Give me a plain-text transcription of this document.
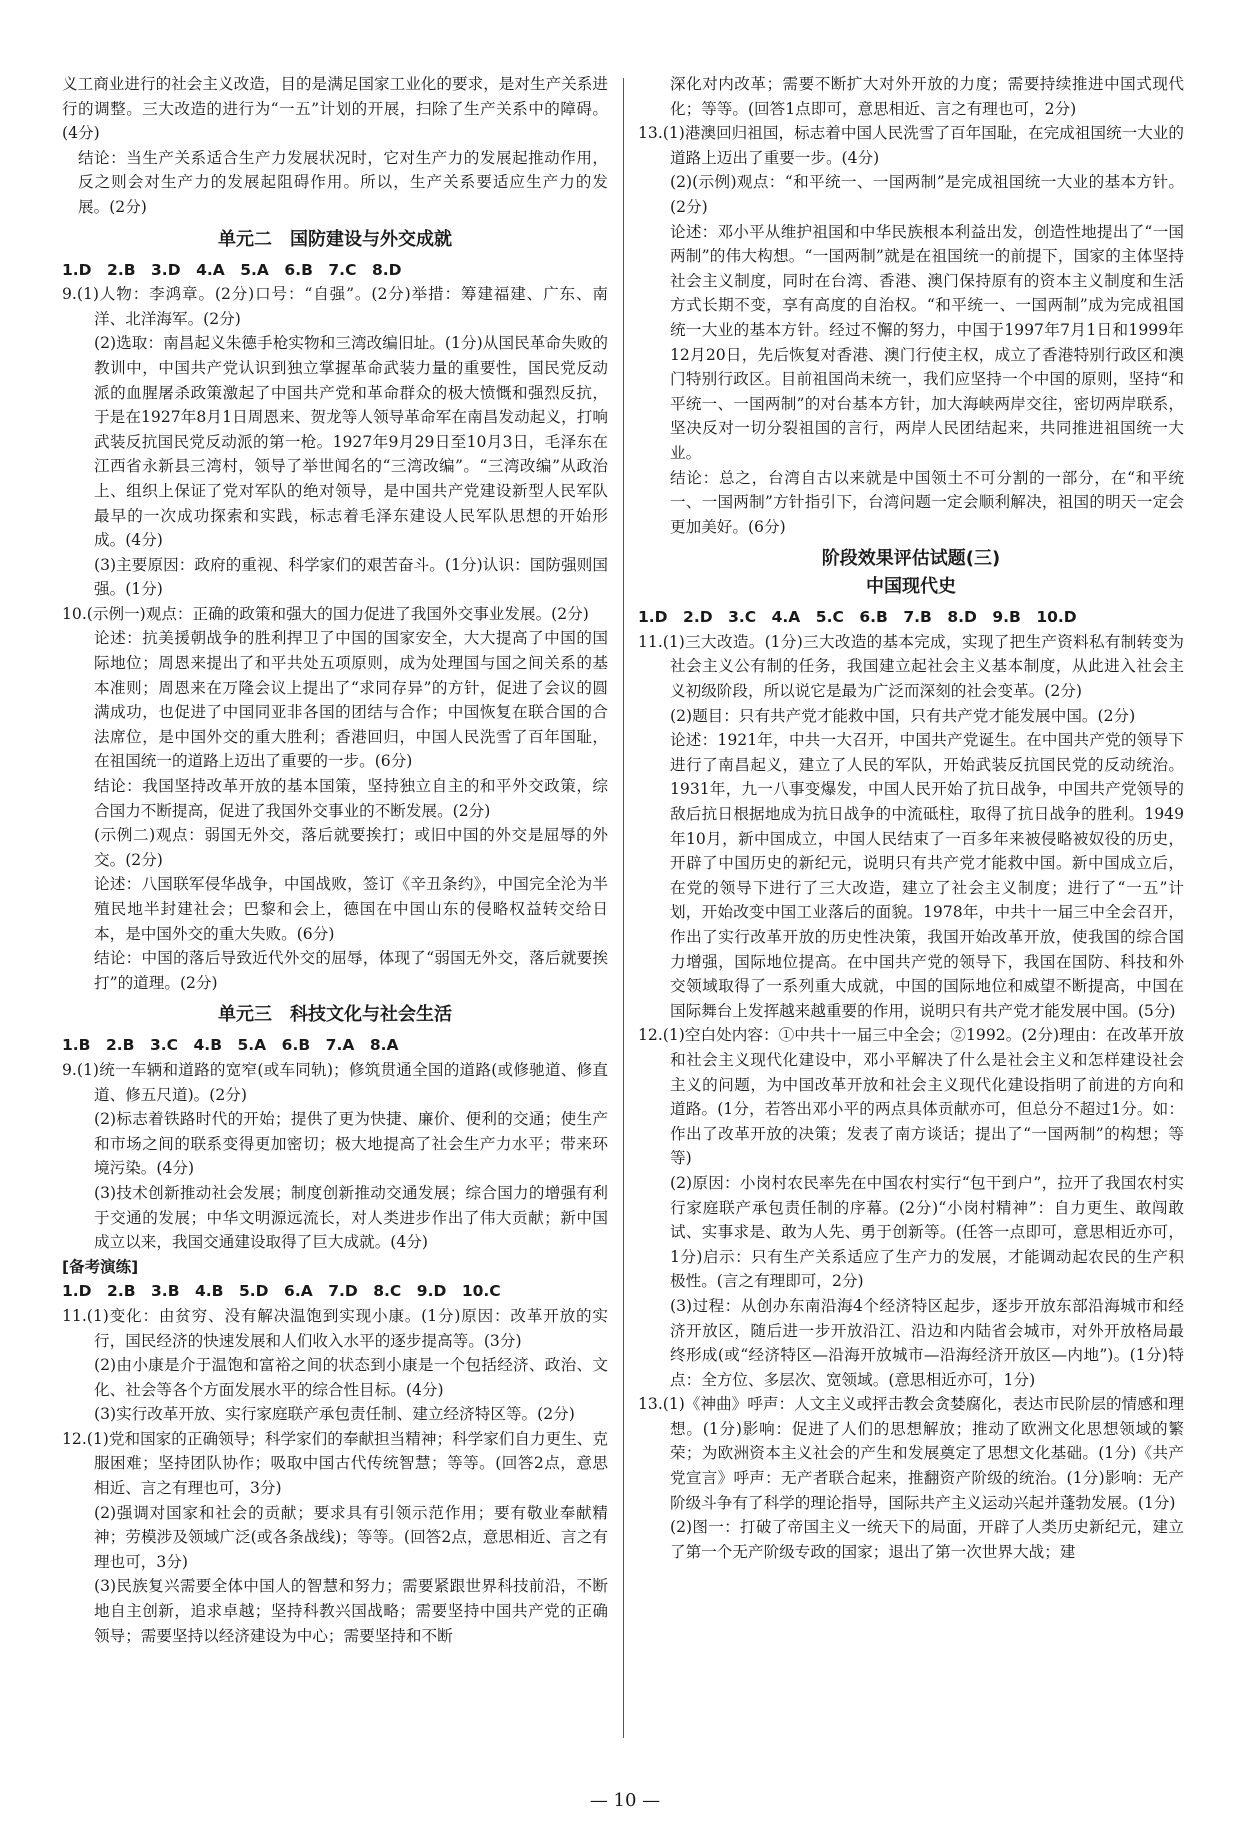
义工商业进行的社会主义改造，目的是满足国家工业化的要求，是对生产关系进行的调整。三大改造的进行为“一五”计划的开展，扫除了生产关系中的障碍。(4分)

结论：当生产关系适合生产力发展状况时，它对生产力的发展起推动作用，反之则会对生产力的发展起阻碍作用。所以，生产关系要适应生产力的发展。(2分)

单元二　国防建设与外交成就

1.D　2.B　3.D　4.A　5.A　6.B　7.C　8.D

9.(1)人物：李鸿章。(2分)口号：“自强”。(2分)举措：筹建福建、广东、南洋、北洋海军。(2分)

(2)选取：南昌起义朱德手枪实物和三湾改编旧址。(1分)从国民革命失败的教训中，中国共产党认识到独立掌握革命武装力量的重要性，国民党反动派的血腥屠杀政策激起了中国共产党和革命群众的极大愤慨和强烈反抗，于是在1927年8月1日周恩来、贺龙等人领导革命军在南昌发动起义，打响武装反抗国民党反动派的第一枪。1927年9月29日至10月3日，毛泽东在江西省永新县三湾村，领导了举世闻名的“三湾改编”。“三湾改编”从政治上、组织上保证了党对军队的绝对领导，是中国共产党建设新型人民军队最早的一次成功探索和实践，标志着毛泽东建设人民军队思想的开始形成。(4分)

(3)主要原因：政府的重视、科学家们的艰苦奋斗。(1分)认识：国防强则国强。(1分)

10.(示例一)观点：正确的政策和强大的国力促进了我国外交事业发展。(2分)

论述：抗美援朝战争的胜利捍卫了中国的国家安全，大大提高了中国的国际地位；周恩来提出了和平共处五项原则，成为处理国与国之间关系的基本准则；周恩来在万隆会议上提出了“求同存异”的方针，促进了会议的圆满成功，也促进了中国同亚非各国的团结与合作；中国恢复在联合国的合法席位，是中国外交的重大胜利；香港回归，中国人民洗雪了百年国耻，在祖国统一的道路上迈出了重要的一步。(6分)

结论：我国坚持改革开放的基本国策，坚持独立自主的和平外交政策，综合国力不断提高，促进了我国外交事业的不断发展。(2分)

(示例二)观点：弱国无外交，落后就要挨打；或旧中国的外交是屈辱的外交。(2分)

论述：八国联军侵华战争，中国战败，签订《辛丑条约》，中国完全沦为半殖民地半封建社会；巴黎和会上，德国在中国山东的侵略权益转交给日本，是中国外交的重大失败。(6分)

结论：中国的落后导致近代外交的屈辱，体现了“弱国无外交，落后就要挨打”的道理。(2分)

单元三　科技文化与社会生活

1.B　2.B　3.C　4.B　5.A　6.B　7.A　8.A

9.(1)统一车辆和道路的宽窄(或车同轨)；修筑贯通全国的道路(或修驰道、修直道、修五尺道)。(2分)

(2)标志着铁路时代的开始；提供了更为快捷、廉价、便利的交通；使生产和市场之间的联系变得更加密切；极大地提高了社会生产力水平；带来环境污染。(4分)

(3)技术创新推动社会发展；制度创新推动交通发展；综合国力的增强有利于交通的发展；中华文明源远流长，对人类进步作出了伟大贡献；新中国成立以来，我国交通建设取得了巨大成就。(4分)

[备考演练]

1.D　2.B　3.B　4.B　5.D　6.A　7.D　8.C　9.D　10.C

11.(1)变化：由贫穷、没有解决温饱到实现小康。(1分)原因：改革开放的实行，国民经济的快速发展和人们收入水平的逐步提高等。(3分)

(2)由小康是介于温饱和富裕之间的状态到小康是一个包括经济、政治、文化、社会等各个方面发展水平的综合性目标。(4分)

(3)实行改革开放、实行家庭联产承包责任制、建立经济特区等。(2分)

12.(1)党和国家的正确领导；科学家们的奉献担当精神；科学家们自力更生、克服困难；坚持团队协作；吸取中国古代传统智慧；等等。(回答2点，意思相近、言之有理也可，3分)

(2)强调对国家和社会的贡献；要求具有引领示范作用；要有敬业奉献精神；劳模涉及领域广泛(或各条战线)；等等。(回答2点，意思相近、言之有理也可，3分)

(3)民族复兴需要全体中国人的智慧和努力；需要紧跟世界科技前沿，不断地自主创新，追求卓越；坚持科教兴国战略；需要坚持中国共产党的正确领导；需要坚持以经济建设为中心；需要坚持和不断

深化对内改革；需要不断扩大对外开放的力度；需要持续推进中国式现代化；等等。(回答1点即可，意思相近、言之有理也可，2分)

13.(1)港澳回归祖国，标志着中国人民洗雪了百年国耻，在完成祖国统一大业的道路上迈出了重要一步。(4分)

(2)(示例)观点：“和平统一、一国两制”是完成祖国统一大业的基本方针。(2分)

论述：邓小平从维护祖国和中华民族根本利益出发，创造性地提出了“一国两制”的伟大构想。“一国两制”就是在祖国统一的前提下，国家的主体坚持社会主义制度，同时在台湾、香港、澳门保持原有的资本主义制度和生活方式长期不变，享有高度的自治权。“和平统一、一国两制”成为完成祖国统一大业的基本方针。经过不懈的努力，中国于1997年7月1日和1999年12月20日，先后恢复对香港、澳门行使主权，成立了香港特别行政区和澳门特别行政区。目前祖国尚未统一，我们应坚持一个中国的原则，坚持“和平统一、一国两制”的对台基本方针，加大海峡两岸交往，密切两岸联系，坚决反对一切分裂祖国的言行，两岸人民团结起来，共同推进祖国统一大业。

结论：总之，台湾自古以来就是中国领土不可分割的一部分，在“和平统一、一国两制”方针指引下，台湾问题一定会顺利解决，祖国的明天一定会更加美好。(6分)

阶段效果评估试题(三)
中国现代史

1.D　2.D　3.C　4.A　5.C　6.B　7.B　8.D　9.B　10.D

11.(1)三大改造。(1分)三大改造的基本完成，实现了把生产资料私有制转变为社会主义公有制的任务，我国建立起社会主义基本制度，从此进入社会主义初级阶段，所以说它是最为广泛而深刻的社会变革。(2分)

(2)题目：只有共产党才能救中国，只有共产党才能发展中国。(2分)

论述：1921年，中共一大召开，中国共产党诞生。在中国共产党的领导下进行了南昌起义，建立了人民的军队，开始武装反抗国民党的反动统治。1931年，九一八事变爆发，中国人民开始了抗日战争，中国共产党领导的敌后抗日根据地成为抗日战争的中流砥柱，取得了抗日战争的胜利。1949年10月，新中国成立，中国人民结束了一百多年来被侵略被奴役的历史，开辟了中国历史的新纪元，说明只有共产党才能救中国。新中国成立后，在党的领导下进行了三大改造，建立了社会主义制度；进行了“一五”计划，开始改变中国工业落后的面貌。1978年，中共十一届三中全会召开，作出了实行改革开放的历史性决策，我国开始改革开放，使我国的综合国力增强，国际地位提高。在中国共产党的领导下，我国在国防、科技和外交领域取得了一系列重大成就，中国的国际地位和威望不断提高，中国在国际舞台上发挥越来越重要的作用，说明只有共产党才能发展中国。(5分)

12.(1)空白处内容：①中共十一届三中全会；②1992。(2分)理由：在改革开放和社会主义现代化建设中，邓小平解决了什么是社会主义和怎样建设社会主义的问题，为中国改革开放和社会主义现代化建设指明了前进的方向和道路。(1分，若答出邓小平的两点具体贡献亦可，但总分不超过1分。如：作出了改革开放的决策；发表了南方谈话；提出了“一国两制”的构想；等等)

(2)原因：小岗村农民率先在中国农村实行“包干到户”，拉开了我国农村实行家庭联产承包责任制的序幕。(2分)“小岗村精神”：自力更生、敢闯敢试、实事求是、敢为人先、勇于创新等。(任答一点即可，意思相近亦可，1分)启示：只有生产关系适应了生产力的发展，才能调动起农民的生产积极性。(言之有理即可，2分)

(3)过程：从创办东南沿海4个经济特区起步，逐步开放东部沿海城市和经济开放区，随后进一步开放沿江、沿边和内陆省会城市，对外开放格局最终形成(或“经济特区—沿海开放城市—沿海经济开放区—内地”)。(1分)特点：全方位、多层次、宽领域。(意思相近亦可，1分)

13.(1)《神曲》呼声：人文主义或抨击教会贪婪腐化，表达市民阶层的情感和理想。(1分)影响：促进了人们的思想解放；推动了欧洲文化思想领域的繁荣；为欧洲资本主义社会的产生和发展奠定了思想文化基础。(1分)《共产党宣言》呼声：无产者联合起来，推翻资产阶级的统治。(1分)影响：无产阶级斗争有了科学的理论指导，国际共产主义运动兴起并蓬勃发展。(1分)

(2)图一：打破了帝国主义一统天下的局面，开辟了人类历史新纪元，建立了第一个无产阶级专政的国家；退出了第一次世界大战；建

— 10 —
